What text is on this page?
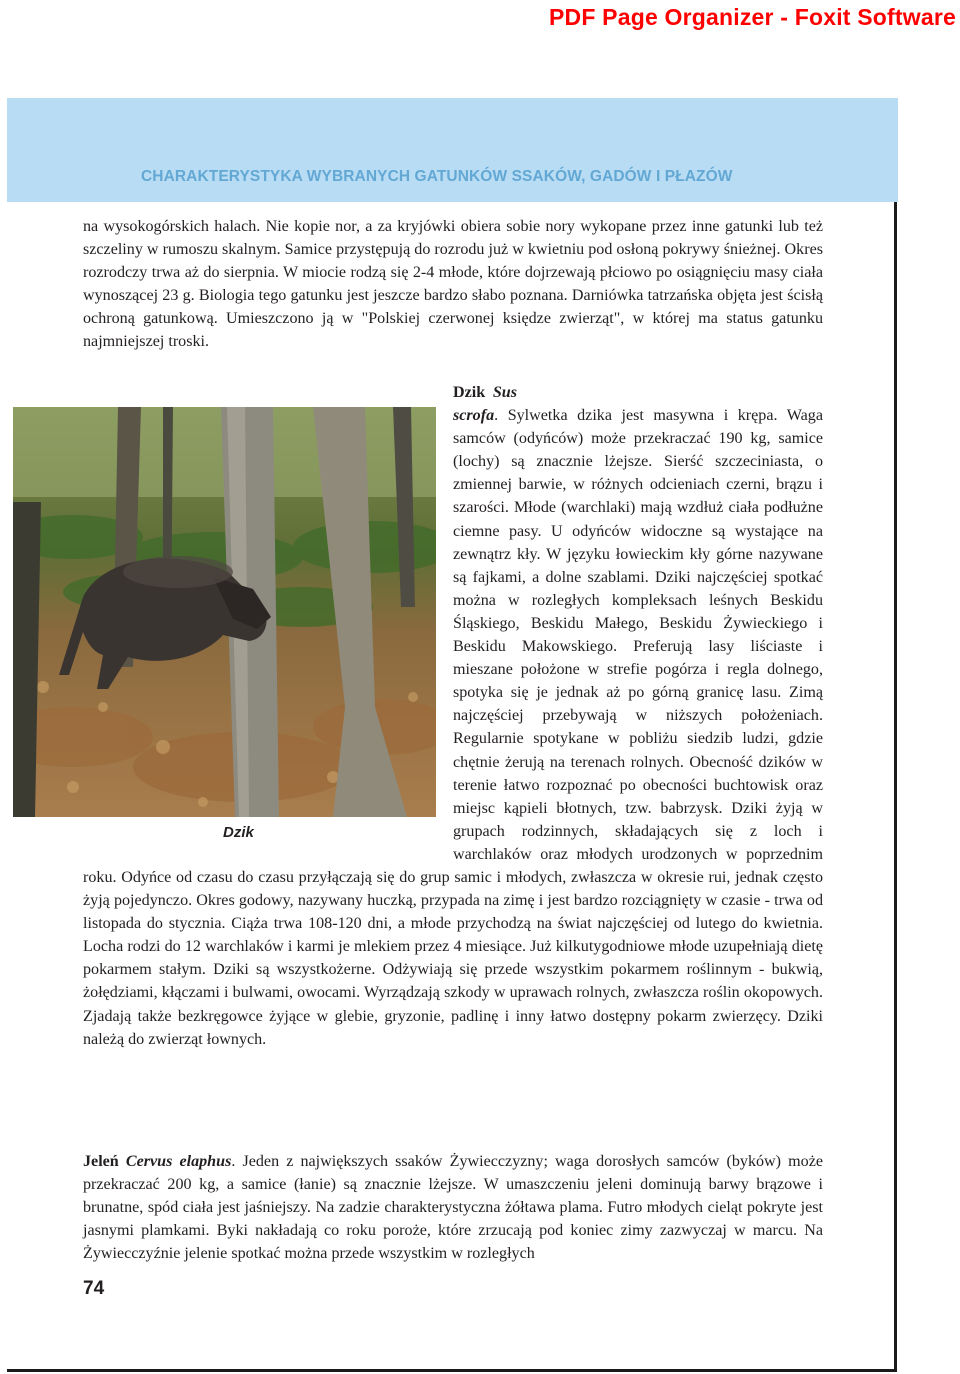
PDF Page Organizer - Foxit Software
CHARAKTERYSTYKA WYBRANYCH GATUNKÓW SSAKÓW, GADÓW I PŁAZÓW

na wysokogórskich halach. Nie kopie nor, a za kryjówki obiera sobie nory wykopane przez inne gatunki lub też szczeliny w rumoszu skalnym. Samice przystępują do rozrodu już w kwietniu pod osłoną pokrywy śnieżnej. Okres rozrodczy trwa aż do sierpnia. W miocie rodzą się 2-4 młode, które dojrzewają płciowo po osiągnięciu masy ciała wynoszącej 23 g. Biologia tego gatunku jest jeszcze bardzo słabo poznana. Darniówka tatrzańska objęta jest ścisłą ochroną gatunkową. Umieszczono ją w "Polskiej czerwonej księdze zwierząt", w której ma status gatunku najmniejszej troski.

Dzik
Dzik Sus scrofa. Sylwetka dzika jest masywna i krępa. Waga samców (odyńców) może przekraczać 190 kg, samice (lochy) są znacznie lżejsze. Sierść szczeciniasta, o zmiennej barwie, w różnych odcieniach czerni, brązu i szarości. Młode (warchlaki) mają wzdłuż ciała podłużne ciemne pasy. U odyńców widoczne są wystające na zewnątrz kły. W języku łowieckim kły górne nazywane są fajkami, a dolne szablami. Dziki najczęściej spotkać można w rozległych kompleksach leśnych Beskidu Śląskiego, Beskidu Małego, Beskidu Żywieckiego i Beskidu Makowskiego. Preferują lasy liściaste i mieszane położone w strefie pogórza i regla dolnego, spotyka się je jednak aż po górną granicę lasu. Zimą najczęściej przebywają w niższych położeniach. Regularnie spotykane w pobliżu siedzib ludzi, gdzie chętnie żerują na terenach rolnych. Obecność dzików w terenie łatwo rozpoznać po obecności buchtowisk oraz miejsc kąpieli błotnych, tzw. babrzysk. Dziki żyją w grupach rodzinnych, składających się z loch i warchlaków oraz młodych urodzonych w poprzednim roku. Odyńce od czasu do czasu przyłączają się do grup samic i młodych, zwłaszcza w okresie rui, jednak często żyją pojedynczo. Okres godowy, nazywany huczką, przypada na zimę i jest bardzo rozciągnięty w czasie - trwa od listopada do stycznia. Ciąża trwa 108-120 dni, a młode przychodzą na świat najczęściej od lutego do kwietnia. Locha rodzi do 12 warchlaków i karmi je mlekiem przez 4 miesiące. Już kilkutygodniowe młode uzupełniają dietę pokarmem stałym. Dziki są wszystkożerne. Odżywiają się przede wszystkim pokarmem roślinnym - bukwią, żołędziami, kłączami i bulwami, owocami. Wyrządzają szkody w uprawach rolnych, zwłaszcza roślin okopowych. Zjadają także bezkręgowce żyjące w glebie, gryzonie, padlinę i inny łatwo dostępny pokarm zwierzęcy. Dziki należą do zwierząt łownych.

Jeleń Cervus elaphus. Jeden z największych ssaków Żywiecczyzny; waga dorosłych samców (byków) może przekraczać 200 kg, a samice (łanie) są znacznie lżejsze. W umaszczeniu jeleni dominują barwy brązowe i brunatne, spód ciała jest jaśniejszy. Na zadzie charakterystyczna żółtawa plama. Futro młodych cieląt pokryte jest jasnymi plamkami. Byki nakładają co roku poroże, które zrzucają pod koniec zimy zazwyczaj w marcu. Na Żywiecczyźnie jelenie spotkać można przede wszystkim w rozległych

74
